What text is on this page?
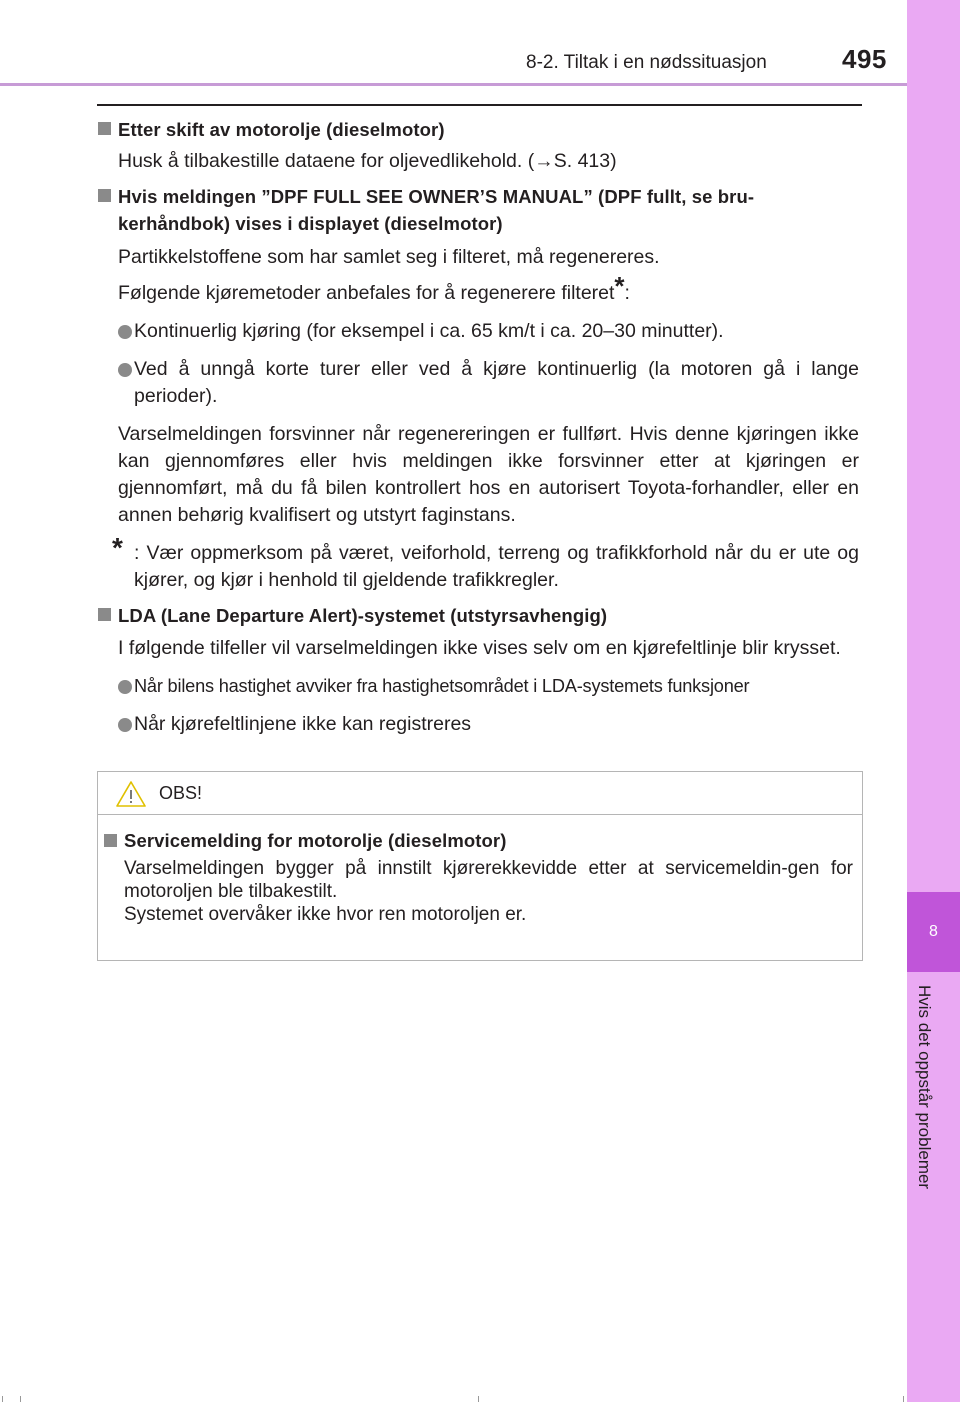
8-2. Tiltak i en nødssituasjon	495
8
Hvis det oppstår problemer
Etter skift av motorolje (dieselmotor)
Husk å tilbakestille dataene for oljevedlikehold. (→S. 413)
Hvis meldingen ”DPF FULL SEE OWNER’S MANUAL” (DPF fullt, se bru-kerhåndbok) vises i displayet (dieselmotor)
Partikkelstoffene som har samlet seg i filteret, må regenereres.
Følgende kjøremetoder anbefales for å regenerere filteret*:
Kontinuerlig kjøring (for eksempel i ca. 65 km/t i ca. 20–30 minutter).
Ved å unngå korte turer eller ved å kjøre kontinuerlig (la motoren gå i lange perioder).
Varselmeldingen forsvinner når regenereringen er fullført. Hvis denne kjøringen ikke kan gjennomføres eller hvis meldingen ikke forsvinner etter at kjøringen er gjennomført, må du få bilen kontrollert hos en autorisert Toyota-forhandler, eller en annen behørig kvalifisert og utstyrt faginstans.
* : Vær oppmerksom på været, veiforhold, terreng og trafikkforhold når du er ute og kjører, og kjør i henhold til gjeldende trafikkregler.
LDA (Lane Departure Alert)-systemet (utstyrsavhengig)
I følgende tilfeller vil varselmeldingen ikke vises selv om en kjørefeltlinje blir krysset.
Når bilens hastighet avviker fra hastighetsområdet i LDA-systemets funksjoner
Når kjørefeltlinjene ikke kan registreres
OBS!
Servicemelding for motorolje (dieselmotor)
Varselmeldingen bygger på innstilt kjørerekkevidde etter at servicemeldin-gen for motoroljen ble tilbakestilt.
Systemet overvåker ikke hvor ren motoroljen er.
